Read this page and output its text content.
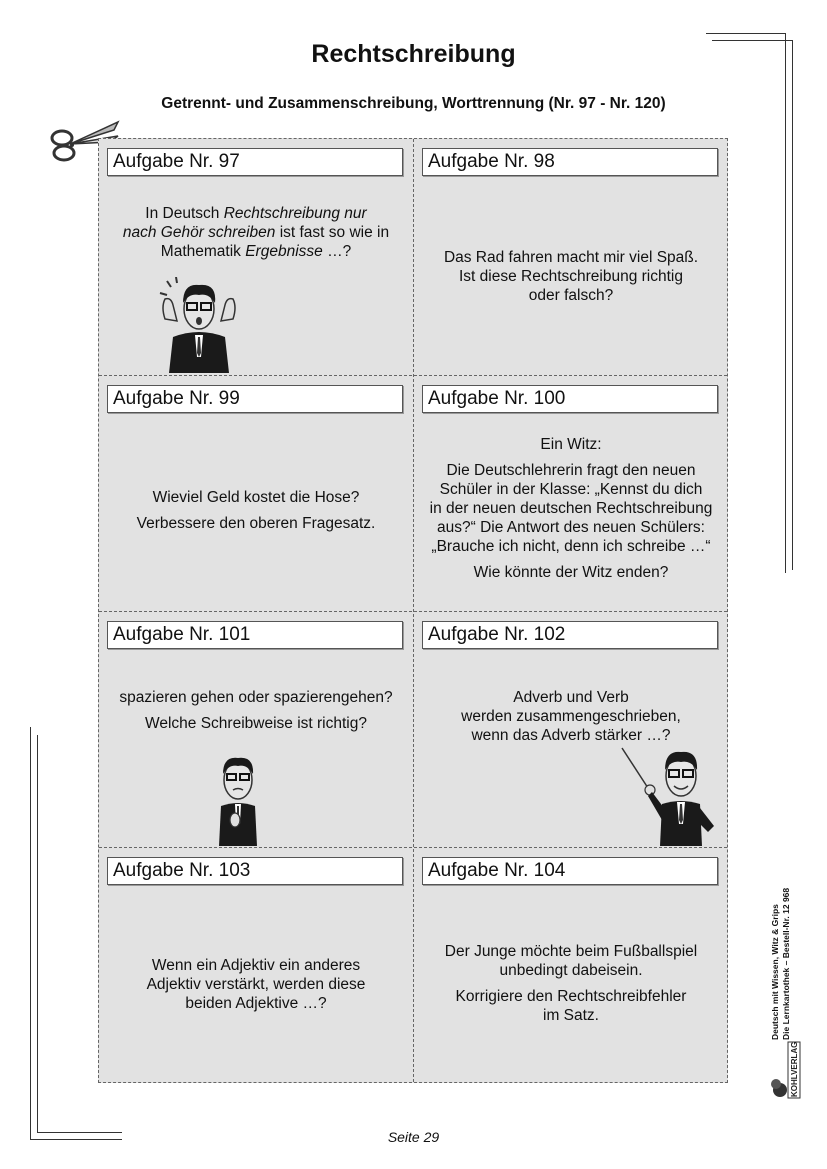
Rechtschreibung
Getrennt- und Zusammenschreibung, Worttrennung (Nr. 97 - Nr. 120)
Aufgabe Nr. 97
In Deutsch Rechtschreibung nur
nach Gehör schreiben ist fast so wie in
Mathematik Ergebnisse …?
Aufgabe Nr. 98
Das Rad fahren macht mir viel Spaß.
Ist diese Rechtschreibung richtig
oder falsch?
Aufgabe Nr. 99

Wieviel Geld kostet die Hose?

Verbessere den oberen Fragesatz.

Aufgabe Nr. 100

Ein Witz:

Die Deutschlehrerin fragt den neuen
Schüler in der Klasse: „Kennst du dich
in der neuen deutschen Rechtschreibung
aus?“ Die Antwort des neuen Schülers:

„Brauche ich nicht, denn ich schreibe …“

Wie könnte der Witz enden?
Aufgabe Nr. 101

spazieren gehen oder spazierengehen?

Welche Schreibweise ist richtig?

Aufgabe Nr. 102
Adverb und Verb
werden zusammengeschrieben,
wenn das Adverb stärker …?
Aufgabe Nr. 103
Wenn ein Adjektiv ein anderes
Adjektiv verstärkt, werden diese
beiden Adjektive …?
Aufgabe Nr. 104
Der Junge möchte beim Fußballspiel

unbedingt dabeisein.

Korrigiere den Rechtschreibfehler
im Satz.	Deutsch mit Wissen, Witz & Grips Die Lernkartothek – Bestell-Nr. 12 968
KOHLVERLAG
Seite 29
